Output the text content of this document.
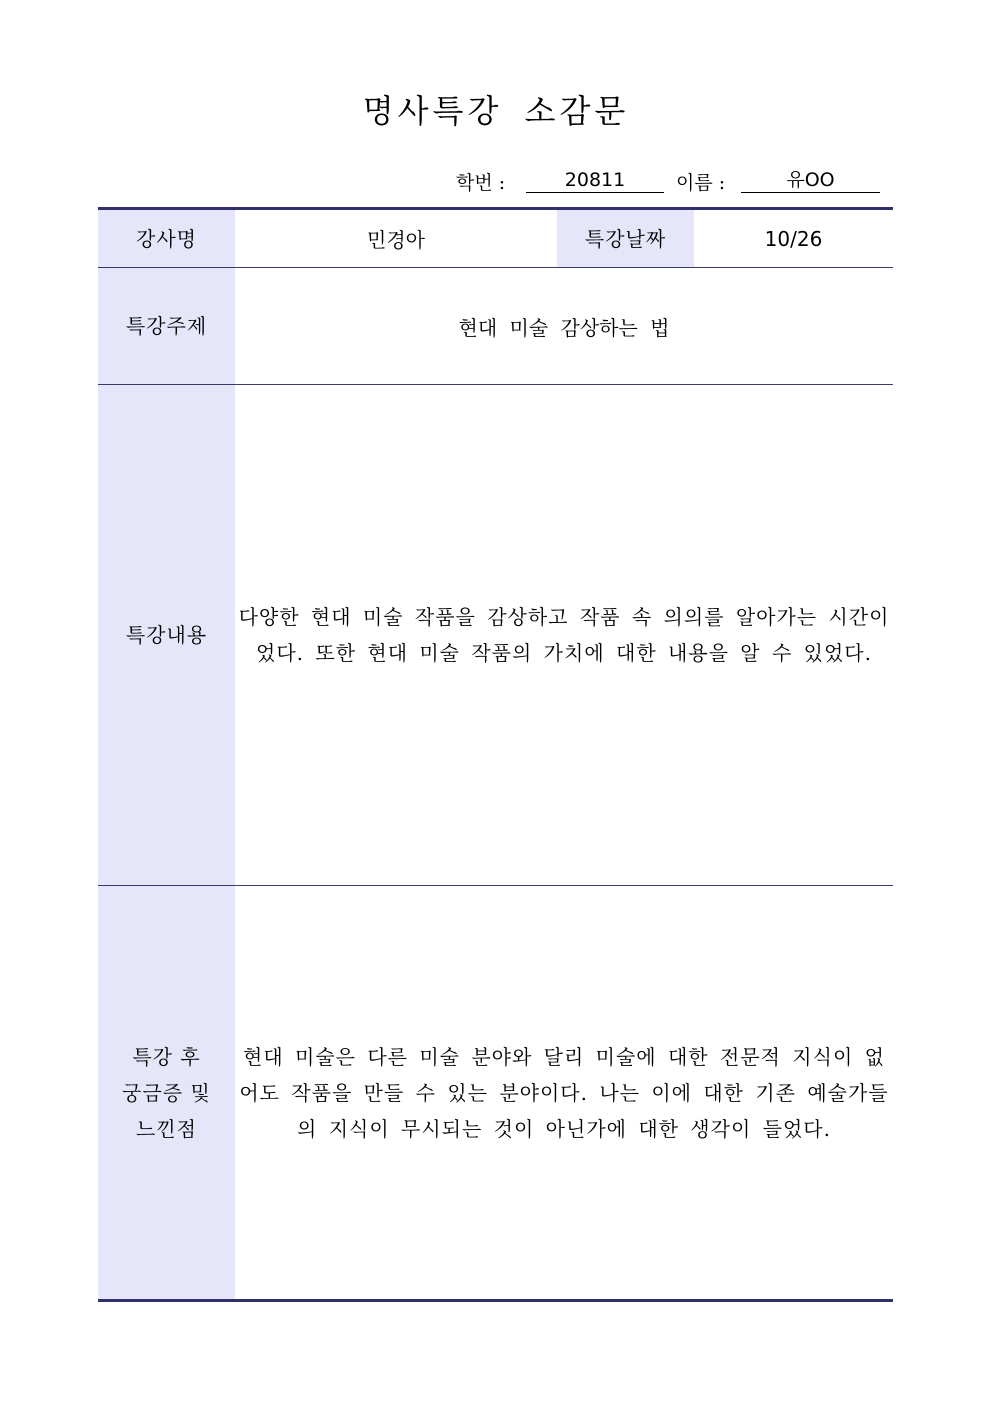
명사특강 소감문
학번 :	20811	이름 :	유OO
강사명	민경아	특강날짜	10/26
특강주제	현대 미술 감상하는 법		
특강내용	다양한 현대 미술 작품을 감상하고 작품 속 의의를 알아가는 시간이었다. 또한 현대 미술 작품의 가치에 대한 내용을 알 수 있었다.		

특강 후
궁금증 및
느낀점	현대 미술은 다른 미술 분야와 달리 미술에 대한 전문적 지식이 없어도 작품을 만들 수 있는 분야이다. 나는 이에 대한 기존 예술가들의 지식이 무시되는 것이 아닌가에 대한 생각이 들었다.		
